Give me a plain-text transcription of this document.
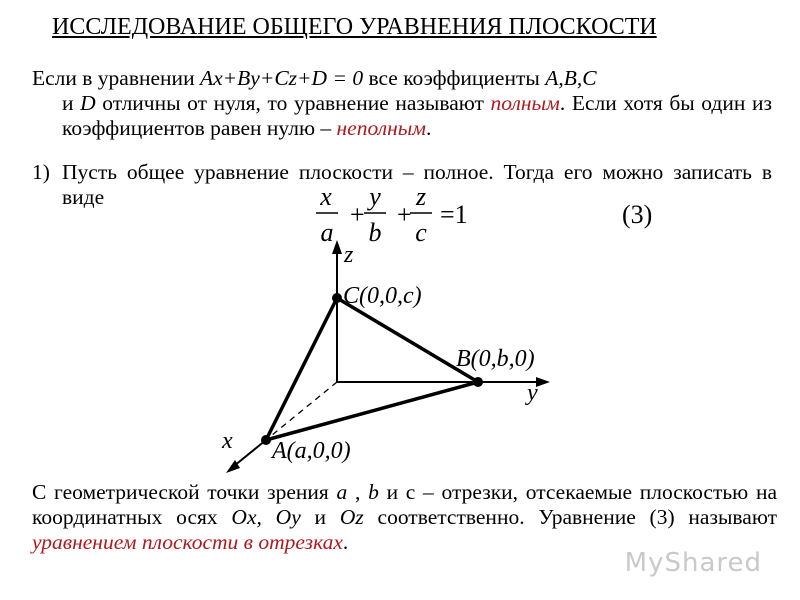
ИССЛЕДОВАНИЕ ОБЩЕГО УРАВНЕНИЯ ПЛОСКОСТИ
Если в уравнении Ax+By+Cz+D = 0 все коэффициенты A,B,C
и D отличны от нуля, то уравнение называют полным. Если хотя бы один из коэффициентов равен нулю – неполным.
1) Пусть общее уравнение плоскости – полное. Тогда его можно записать в виде	x
a
+
y
b
+
z
c
=1	(3)
z
y
x
C(0,0,c)
B(0,b,0)
A(a,0,0)
С геометрической точки зрения a , b и с – отрезки, отсекаемые плоскостью на координатных осях Ox, Oy и Oz соответственно. Уравнение (3) называют уравнением плоскости в отрезках.
MyShared
